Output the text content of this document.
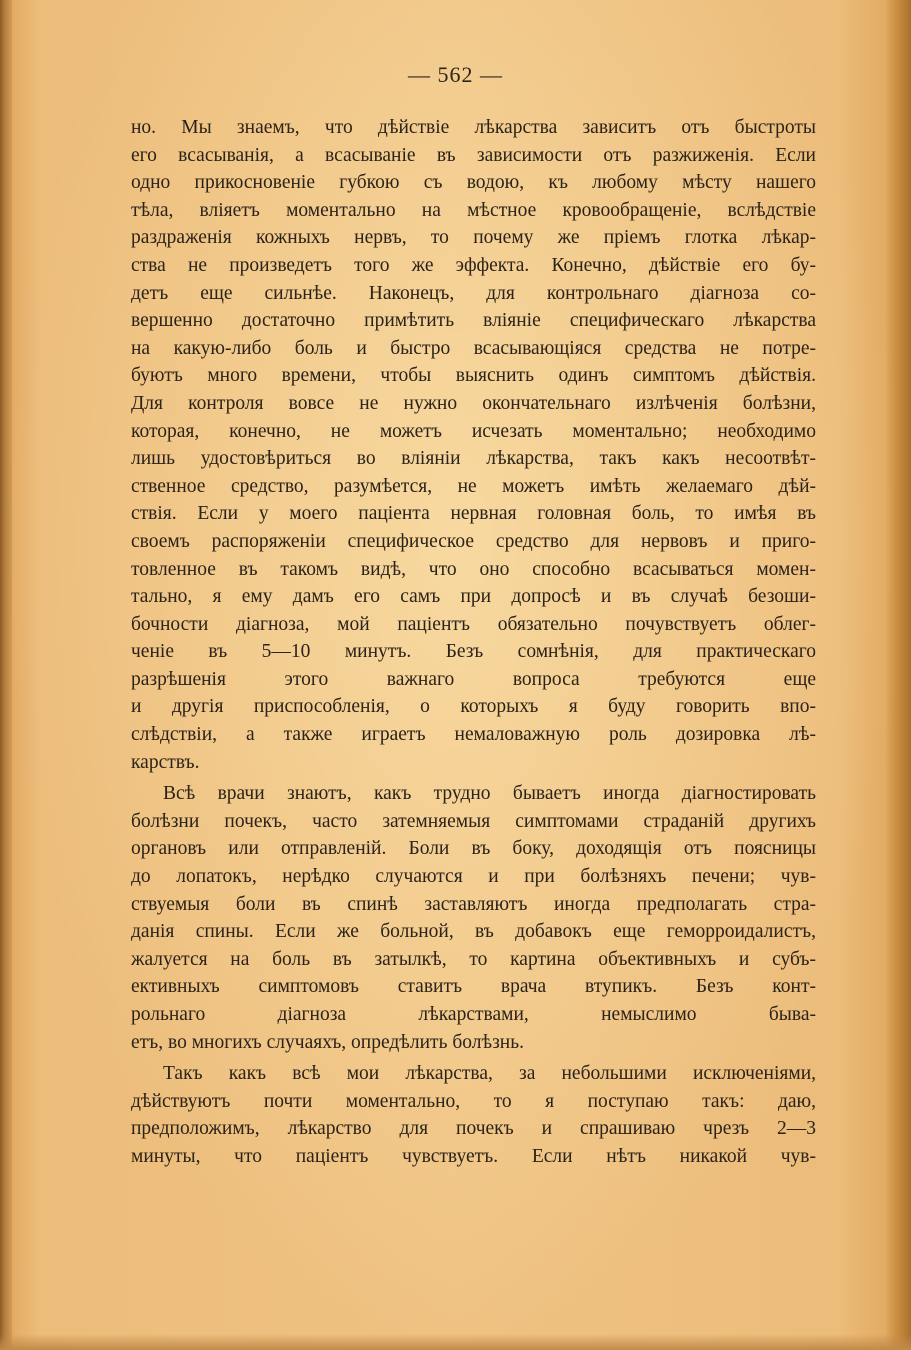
— 562 —
но. Мы знаемъ, что дѣйствіе лѣкарства зависитъ отъ быстроты
его всасыванія, а всасываніе въ зависимости отъ разжиженія. Если
одно прикосновеніе губкою съ водою, къ любому мѣсту нашего
тѣла, вліяетъ моментально на мѣстное кровообращеніе, вслѣдствіе
раздраженія кожныхъ нервъ, то почему же пріемъ глотка лѣкар-
ства не произведетъ того же эффекта. Конечно, дѣйствіе его бу-
детъ еще сильнѣе. Наконецъ, для контрольнаго діагноза со-
вершенно достаточно примѣтить вліяніе специфическаго лѣкарства
на какую-либо боль и быстро всасывающіяся средства не потре-
буютъ много времени, чтобы выяснить одинъ симптомъ дѣйствія.
Для контроля вовсе не нужно окончательнаго излѣченія болѣзни,
которая, конечно, не можетъ исчезать моментально; необходимо
лишь удостовѣриться во вліяніи лѣкарства, такъ какъ несоотвѣт-
ственное средство, разумѣется, не можетъ имѣть желаемаго дѣй-
ствія. Если у моего паціента нервная головная боль, то имѣя въ
своемъ распоряженіи специфическое средство для нервовъ и приго-
товленное въ такомъ видѣ, что оно способно всасываться момен-
тально, я ему дамъ его самъ при допросѣ и въ случаѣ безоши-
бочности діагноза, мой паціентъ обязательно почувствуетъ облег-
ченіе въ 5—10 минутъ. Безъ сомнѣнія, для практическаго
разрѣшенія этого важнаго вопроса требуются еще
и другія приспособленія, о которыхъ я буду говорить впо-
слѣдствіи, а также играетъ немаловажную роль дозировка лѣ-
карствъ.
Всѣ врачи знаютъ, какъ трудно бываетъ иногда діагностировать
болѣзни почекъ, часто затемняемыя симптомами страданій другихъ
органовъ или отправленій. Боли въ боку, доходящія отъ поясницы
до лопатокъ, нерѣдко случаются и при болѣзняхъ печени; чув-
ствуемыя боли въ спинѣ заставляютъ иногда предполагать стра-
данія спины. Если же больной, въ добавокъ еще геморроидалистъ,
жалуется на боль въ затылкѣ, то картина объективныхъ и субъ-
ективныхъ симптомовъ ставитъ врача втупикъ. Безъ конт-
рольнаго діагноза лѣкарствами, немыслимо быва-
етъ, во многихъ случаяхъ, опредѣлить болѣзнь.
Такъ какъ всѣ мои лѣкарства, за небольшими исключеніями,
дѣйствуютъ почти моментально, то я поступаю такъ: даю,
предположимъ, лѣкарство для почекъ и спрашиваю чрезъ 2—3
минуты, что паціентъ чувствуетъ. Если нѣтъ никакой чув-
